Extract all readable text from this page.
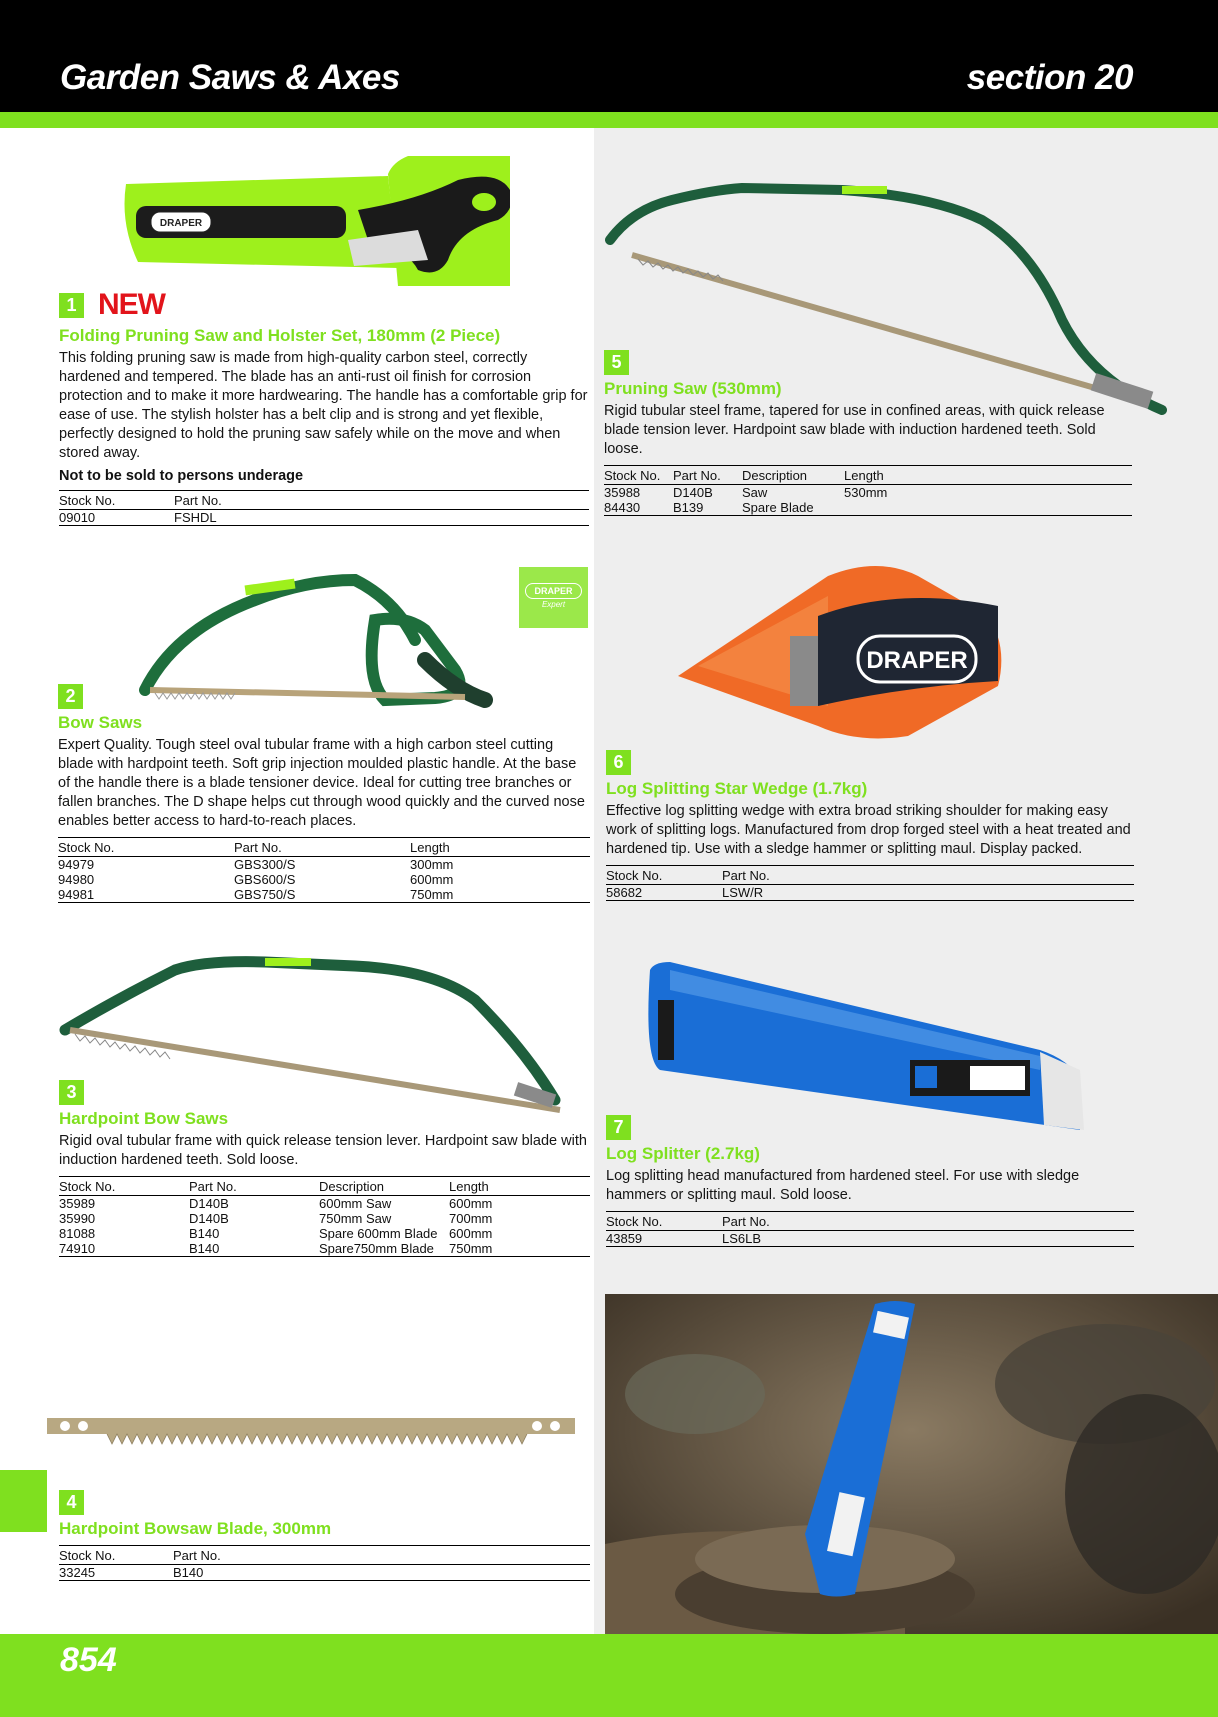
Garden Saws & Axes	section 20
DRAPER
1 NEW
Folding Pruning Saw and Holster Set, 180mm (2 Piece)
This folding pruning saw is made from high-quality carbon steel, correctly hardened and tempered. The blade has an anti-rust oil finish for corrosion protection and to make it more hardwearing. The handle has a comfortable grip for ease of use. The stylish holster has a belt clip and is strong and yet flexible, perfectly designed to hold the pruning saw safely while on the move and when stored away.
Not to be sold to persons underage
Stock No.	Part No.
09010	FSHDL
DRAPER
Expert
2
Bow Saws
Expert Quality. Tough steel oval tubular frame with a high carbon steel cutting blade with hardpoint teeth. Soft grip injection moulded plastic handle. At the base of the handle there is a blade tensioner device. Ideal for cutting tree branches or fallen branches. The D shape helps cut through wood quickly and the curved nose enables better access to hard-to-reach places.
Stock No.	Part No.	Length
94979	GBS300/S	300mm
94980	GBS600/S	600mm
94981	GBS750/S	750mm
3
Hardpoint Bow Saws
Rigid oval tubular frame with quick release tension lever. Hardpoint saw blade with induction hardened teeth. Sold loose.
Stock No.	Part No.	Description	Length
35989	D140B	600mm Saw	600mm
35990	D140B	750mm Saw	700mm
81088	B140	Spare 600mm Blade	600mm
74910	B140	Spare750mm Blade	750mm
4
Hardpoint Bowsaw Blade, 300mm
Stock No.	Part No.
33245	B140
5
Pruning Saw (530mm)
Rigid tubular steel frame, tapered for use in confined areas, with quick release blade tension lever. Hardpoint saw blade with induction hardened teeth. Sold loose.
Stock No.	Part No.	Description	Length
35988	D140B	Saw	530mm
84430	B139	Spare Blade	
DRAPER
6
Log Splitting Star Wedge (1.7kg)
Effective log splitting wedge with extra broad striking shoulder for making easy work of splitting logs. Manufactured from drop forged steel with a heat treated and hardened tip. Use with a sledge hammer or splitting maul. Display packed.
Stock No.	Part No.
58682	LSW/R
7
Log Splitter (2.7kg)
Log splitting head manufactured from hardened steel. For use with sledge hammers or splitting maul. Sold loose.
Stock No.	Part No.
43859	LS6LB
854
